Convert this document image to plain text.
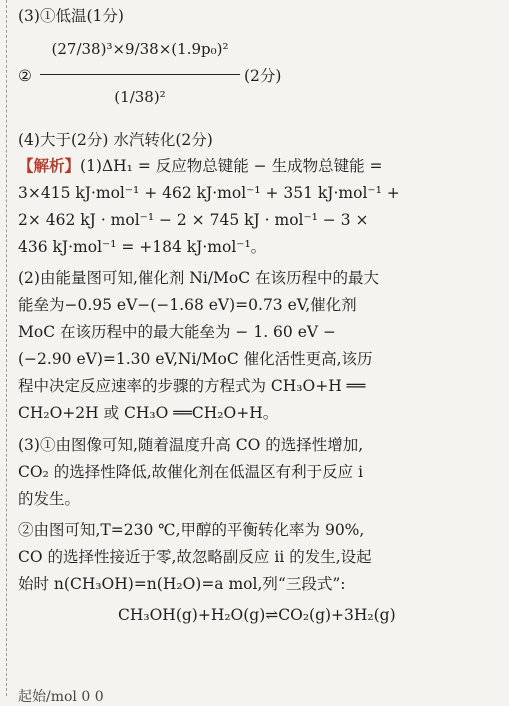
(3)①低温(1分)
②
(27/38)³×9/38×(1.9p₀)²
(1/38)²
(2分)
(4)大于(2分) 水汽转化(2分)
【解析】(1)ΔH₁ = 反应物总键能 − 生成物总键能 =
3×415 kJ·mol⁻¹ + 462 kJ·mol⁻¹ + 351 kJ·mol⁻¹ +
2× 462 kJ · mol⁻¹ − 2 × 745 kJ · mol⁻¹ − 3 ×
436 kJ·mol⁻¹ = +184 kJ·mol⁻¹。
(2)由能量图可知,催化剂 Ni/MoC 在该历程中的最大
能垒为−0.95 eV−(−1.68 eV)=0.73 eV,催化剂
MoC 在该历程中的最大能垒为 − 1. 60 eV −
(−2.90 eV)=1.30 eV,Ni/MoC 催化活性更高,该历
程中决定反应速率的步骤的方程式为 CH₃O+H ══
CH₂O+2H 或 CH₃O ══CH₂O+H。
(3)①由图像可知,随着温度升高 CO 的选择性增加,
CO₂ 的选择性降低,故催化剂在低温区有利于反应 ⅰ
的发生。
②由图可知,T=230 ℃,甲醇的平衡转化率为 90%,
CO 的选择性接近于零,故忽略副反应 ⅱ 的发生,设起
始时 n(CH₃OH)=n(H₂O)=a mol,列“三段式”:
CH₃OH(g)+H₂O(g)⇌CO₂(g)+3H₂(g)
起始/mol 0 0
